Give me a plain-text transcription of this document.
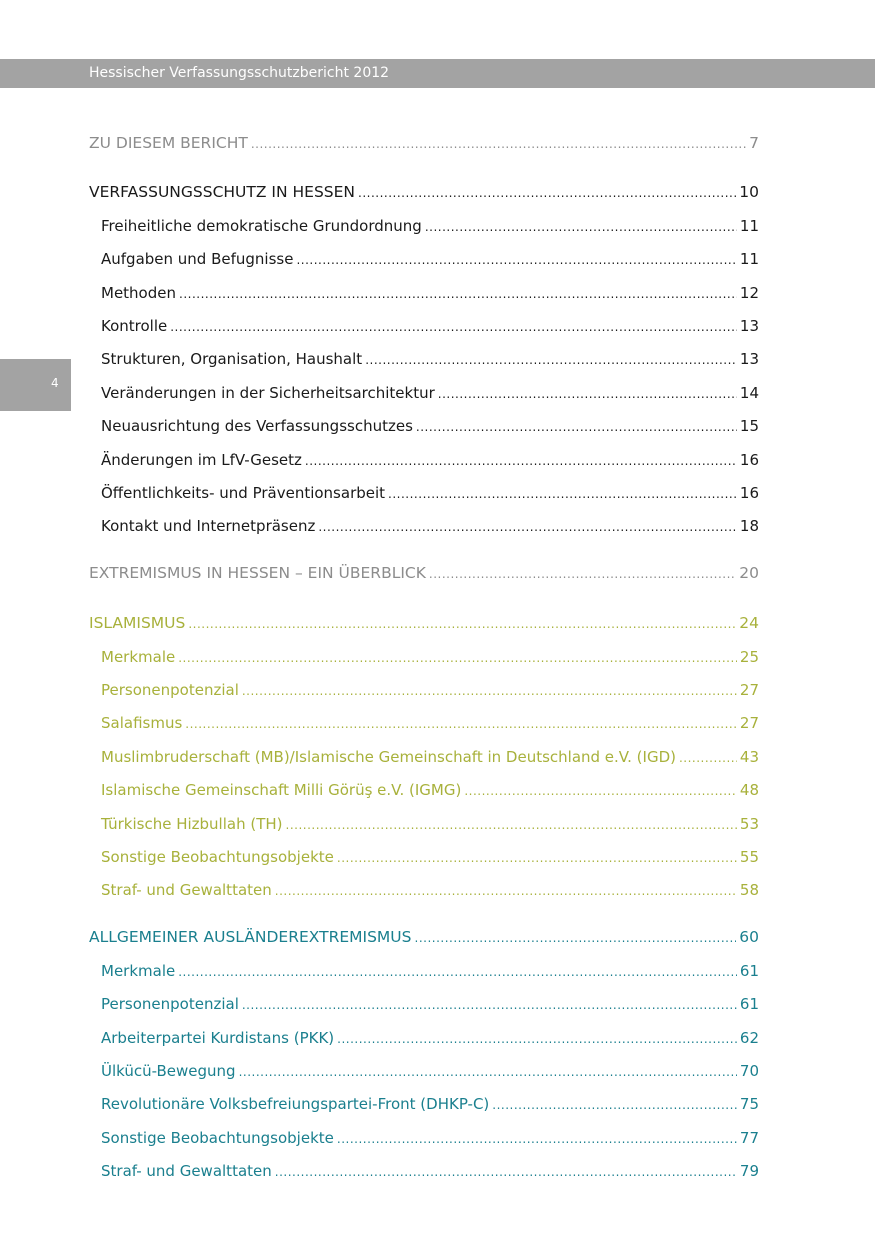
Hessischer Verfassungsschutzbericht 2012
4
ZU DIESEM BERICHT .....	7
VERFASSUNGSSCHUTZ IN HESSEN .....	10
Freiheitliche demokratische Grundordnung .....	11
Aufgaben und Befugnisse .....	11
Methoden .....	12
Kontrolle .....	13
Strukturen, Organisation, Haushalt .....	13
Veränderungen in der Sicherheitsarchitektur .....	14
Neuausrichtung des Verfassungsschutzes .....	15
Änderungen im LfV-Gesetz .....	16
Öffentlichkeits- und Präventionsarbeit .....	16
Kontakt und Internetpräsenz .....	18
EXTREMISMUS IN HESSEN – EIN ÜBERBLICK .....	20
ISLAMISMUS .....	24
Merkmale .....	25
Personenpotenzial .....	27
Salafismus .....	27
Muslimbruderschaft (MB)/Islamische Gemeinschaft in Deutschland e.V. (IGD) .....	43
Islamische Gemeinschaft Milli Görüş e.V. (IGMG) .....	48
Türkische Hizbullah (TH) .....	53
Sonstige Beobachtungsobjekte .....	55
Straf- und Gewalttaten .....	58
ALLGEMEINER AUSLÄNDEREXTREMISMUS .....	60
Merkmale .....	61
Personenpotenzial .....	61
Arbeiterpartei Kurdistans (PKK) .....	62
Ülkücü-Bewegung .....	70
Revolutionäre Volksbefreiungspartei-Front (DHKP-C) .....	75
Sonstige Beobachtungsobjekte .....	77
Straf- und Gewalttaten .....	79
